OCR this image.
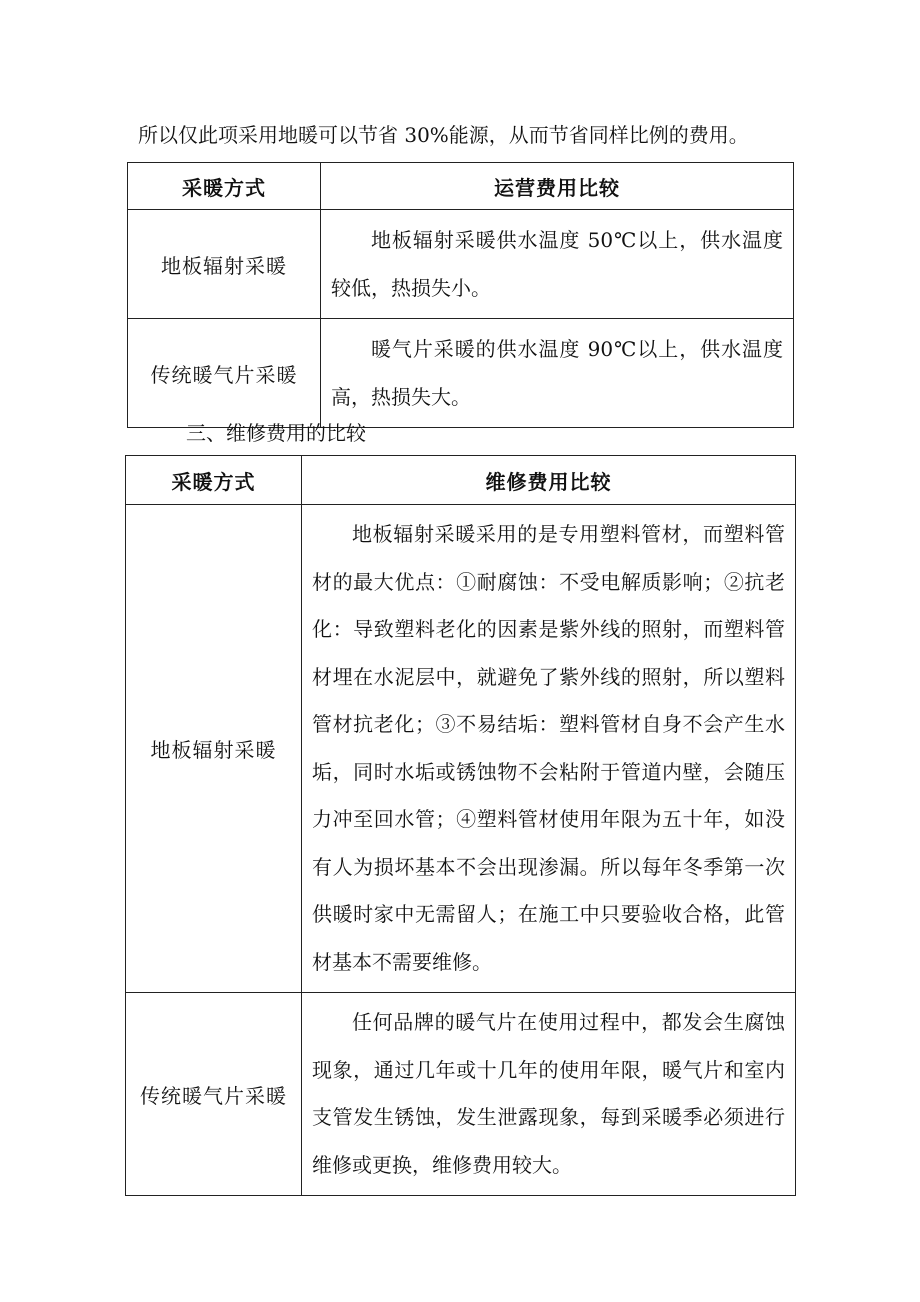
所以仅此项采用地暖可以节省 30%能源，从而节省同样比例的费用。

采暖方式	运营费用比较
地板辐射采暖	地板辐射采暖供水温度 50℃以上，供水温度较低，热损失小。

传统暖气片采暖	暖气片采暖的供水温度 90℃以上，供水温度高，热损失大。

三、维修费用的比较

采暖方式	维修费用比较
地板辐射采暖	地板辐射采暖采用的是专用塑料管材，而塑料管材的最大优点：①耐腐蚀：不受电解质影响；②抗老化：导致塑料老化的因素是紫外线的照射，而塑料管材埋在水泥层中，就避免了紫外线的照射，所以塑料管材抗老化；③不易结垢：塑料管材自身不会产生水垢，同时水垢或锈蚀物不会粘附于管道内壁，会随压力冲至回水管；④塑料管材使用年限为五十年，如没有人为损坏基本不会出现渗漏。所以每年冬季第一次供暖时家中无需留人；在施工中只要验收合格，此管材基本不需要维修。

传统暖气片采暖	任何品牌的暖气片在使用过程中，都发会生腐蚀现象，通过几年或十几年的使用年限，暖气片和室内支管发生锈蚀，发生泄露现象，每到采暖季必须进行维修或更换，维修费用较大。
